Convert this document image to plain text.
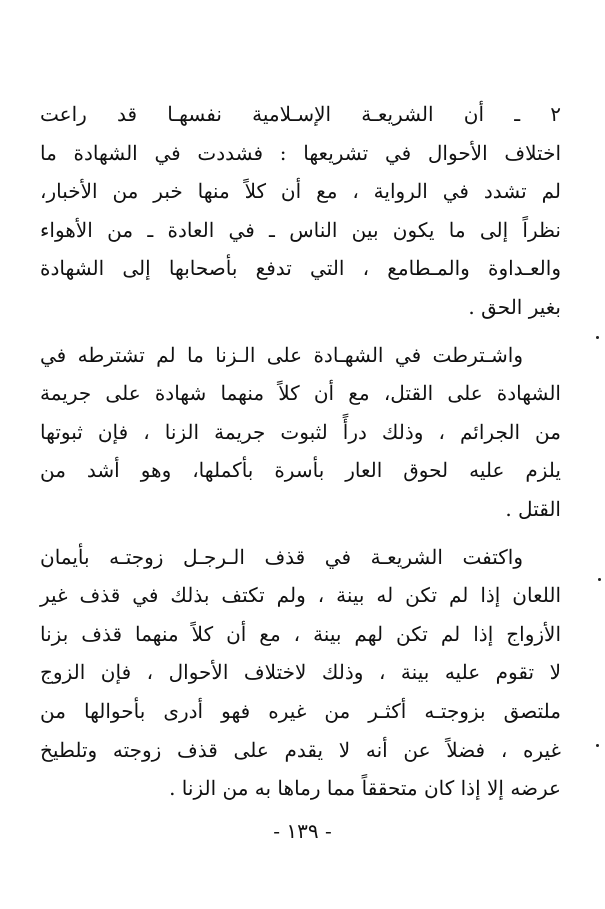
٢ ـ أن الشريعـة الإسـلامية نفسهـا قد راعت
اختلاف الأحوال في تشريعها : فشددت في الشهادة ما
لم تشدد في الرواية ، مع أن كلاً منها خبر من الأخبار،
نظراً إلى ما يكون بين الناس ـ في العادة ـ من الأهواء
والعـداوة والمـطامع ، التي تدفع بأصحابها إلى الشهادة
بغير الحق .
واشـترطت في الشهـادة على الـزنا ما لم تشترطه في
الشهادة على القتل، مع أن كلاً منهما شهادة على جريمة
من الجرائم ، وذلك درأً لثبوت جريمة الزنا ، فإن ثبوتها
يلزم عليه لحوق العار بأسرة بأكملها، وهو أشد من
القتل .
واكتفت الشريعـة في قذف الـرجـل زوجتـه بأيمان
اللعان إذا لم تكن له بينة ، ولم تكتف بذلك في قذف غير
الأزواج إذا لم تكن لهم بينة ، مع أن كلاً منهما قذف بزنا
لا تقوم عليه بينة ، وذلك لاختلاف الأحوال ، فإن الزوج
ملتصق بزوجتـه أكثـر من غيره فهو أدرى بأحوالها من
غيره ، فضلاً عن أنه لا يقدم على قذف زوجته وتلطيخ
عرضه إلا إذا كان متحققاً مما رماها به من الزنا .
- ١٣٩ -
